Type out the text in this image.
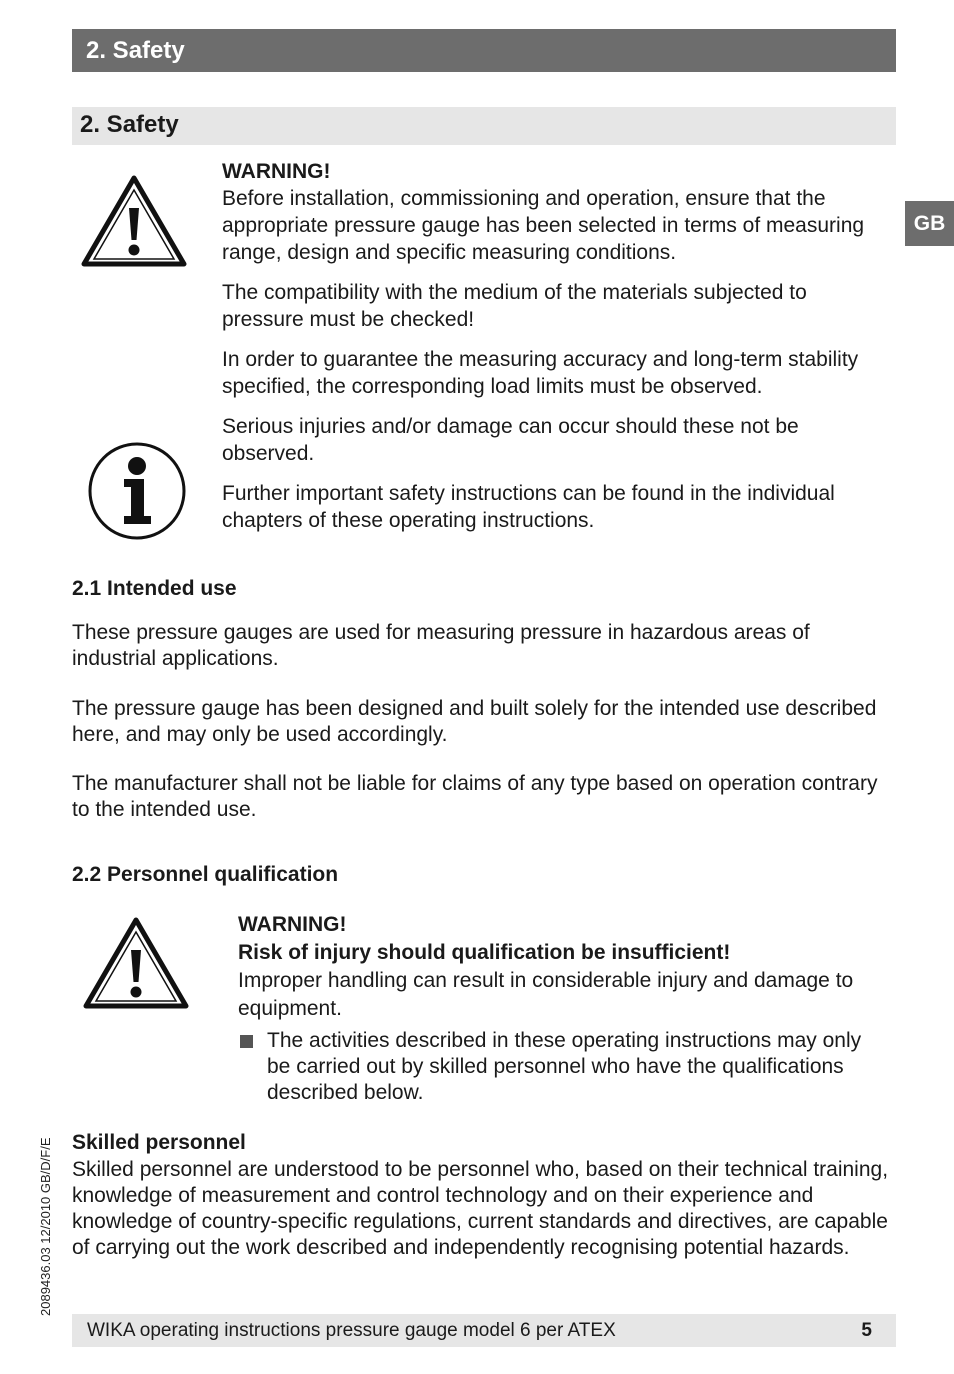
2. Safety
2. Safety
GB
2089436.03 12/2010 GB/D/F/E

WARNING!

Before installation, commissioning and operation, ensure that the appropriate pressure gauge has been selected in terms of measuring range, design and specific measuring conditions.

The compatibility with the medium of the materials subjected to pressure must be checked!

In order to guarantee the measuring accuracy and long-term stability specified, the corresponding load limits must be observed.

Serious injuries and/or damage can occur should these not be observed.

Further important safety instructions can be found in the individual chapters of these operating instructions.

2.1 Intended use

These pressure gauges are used for measuring pressure in hazardous areas of industrial applications.

The pressure gauge has been designed and built solely for the intended use described here, and may only be used accordingly.

The manufacturer shall not be liable for claims of any type based on operation contrary to the intended use.

2.2 Personnel qualification

WARNING!

Risk of injury should qualification be insufficient!

Improper handling can result in considerable injury and damage to equipment.

The activities described in these operating instructions may only be carried out by skilled personnel who have the qualifications described below.

Skilled personnel

Skilled personnel are understood to be personnel who, based on their technical training, knowledge of measurement and control technology and on their experience and knowledge of country-specific regulations, current standards and directives, are capable of carrying out the work described and independently recognising potential hazards.

WIKA operating instructions pressure gauge model 6 per ATEX	5
